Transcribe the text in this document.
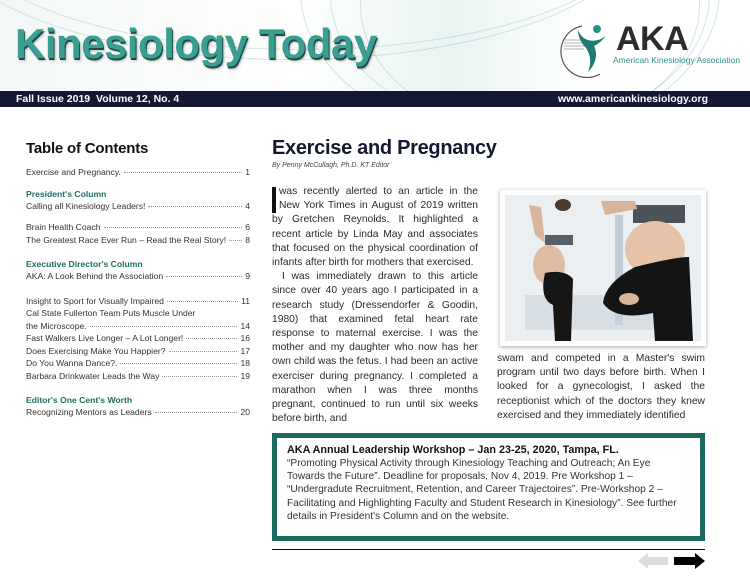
Kinesiology Today	AKA
American Kinesiology Association
Fall Issue 2019 Volume 12, No. 4	www.americankinesiology.org
Table of Contents
Exercise and Pregnancy.	1
President's Column
Calling all Kinesiology Leaders!	4
Brain Health Coach	6
The Greatest Race Ever Run – Read the Real Story! 8
Executive Director's Column
AKA: A Look Behind the Association	9
Insight to Sport for Visually Impaired	11
Cal State Fullerton Team Puts Muscle Under
the Microscope.	14
Fast Walkers Live Longer – A Lot Longer!	16
Does Exercising Make You Happier?	17
Do You Wanna Dance?.	18
Barbara Drinkwater Leads the Way	19
Editor's One Cent's Worth
Recognizing Mentors as Leaders	20
Exercise and Pregnancy
By Penny McCullagh, Ph.D. KT Editor

was recently alerted to an article in the New York Times in August of 2019 written by Gretchen Reynolds. It highlighted a recent article by Linda May and associates that focused on the physical coordination of infants after birth for mothers that exercised.

I was immediately drawn to this article since over 40 years ago I participated in a research study (Dressendorfer & Goodin, 1980) that examined fetal heart rate response to maternal exercise. I was the mother and my daughter who now has her own child was the fetus. I had been an active exerciser during pregnancy. I completed a marathon when I was three months pregnant, continued to run until six weeks before birth, and

swam and competed in a Master's swim program until two days before birth. When I looked for a gynecologist, I asked the receptionist which of the doctors they knew exercised and they immediately identified
AKA Annual Leadership Workshop – Jan 23-25, 2020, Tampa, FL.
“Promoting Physical Activity through Kinesiology Teaching and Outreach; An Eye Towards the Future”. Deadline for proposals, Nov 4, 2019. Pre Workshop 1 – “Undergradute Recruitment, Retention, and Career Trajectoires”. Pre-Workshop 2 – Facilitating and Highlighting Faculty and Student Research in Kinesiology”. See further details in President's Column and on the website.
